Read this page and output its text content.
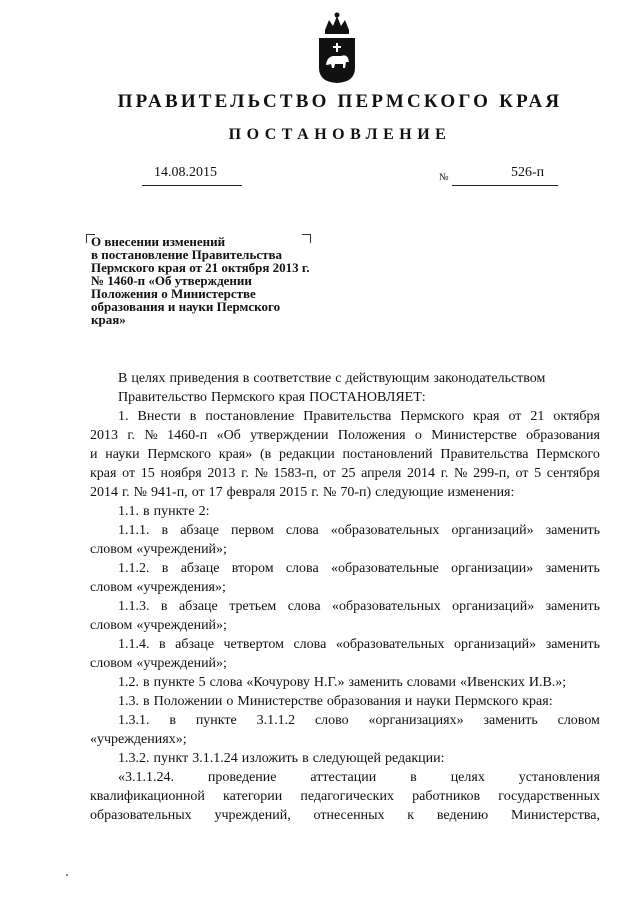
ПРАВИТЕЛЬСТВО ПЕРМСКОГО КРАЯ
ПОСТАНОВЛЕНИЕ
14.08.2015	№	526-п
О внесении изменений
в постановление Правительства
Пермского края от 21 октября 2013 г.
№ 1460-п «Об утверждении
Положения о Министерстве
образования и науки Пермского
края»
В целях приведения в соответствие с действующим законодательством
Правительство Пермского края ПОСТАНОВЛЯЕТ:
1. Внести в постановление Правительства Пермского края от 21 октября
2013 г. № 1460-п «Об утверждении Положения о Министерстве образования
и науки Пермского края» (в редакции постановлений Правительства Пермского
края от 15 ноября 2013 г. № 1583-п, от 25 апреля 2014 г. № 299-п, от 5 сентября
2014 г. № 941-п, от 17 февраля 2015 г. № 70-п) следующие изменения:
1.1. в пункте 2:
1.1.1. в абзаце первом слова «образовательных организаций» заменить
словом «учреждений»;
1.1.2. в абзаце втором слова «образовательные организации» заменить
словом «учреждения»;
1.1.3. в абзаце третьем слова «образовательных организаций» заменить
словом «учреждений»;
1.1.4. в абзаце четвертом слова «образовательных организаций» заменить
словом «учреждений»;
1.2. в пункте 5 слова «Кочурову Н.Г.» заменить словами «Ивенских И.В.»;
1.3. в Положении о Министерстве образования и науки Пермского края:
1.3.1. в пункте 3.1.1.2 слово «организациях» заменить словом
«учреждениях»;
1.3.2. пункт 3.1.1.24 изложить в следующей редакции:
«3.1.1.24. проведение аттестации в целях установления
квалификационной категории педагогических работников государственных
образовательных учреждений, отнесенных к ведению Министерства,
